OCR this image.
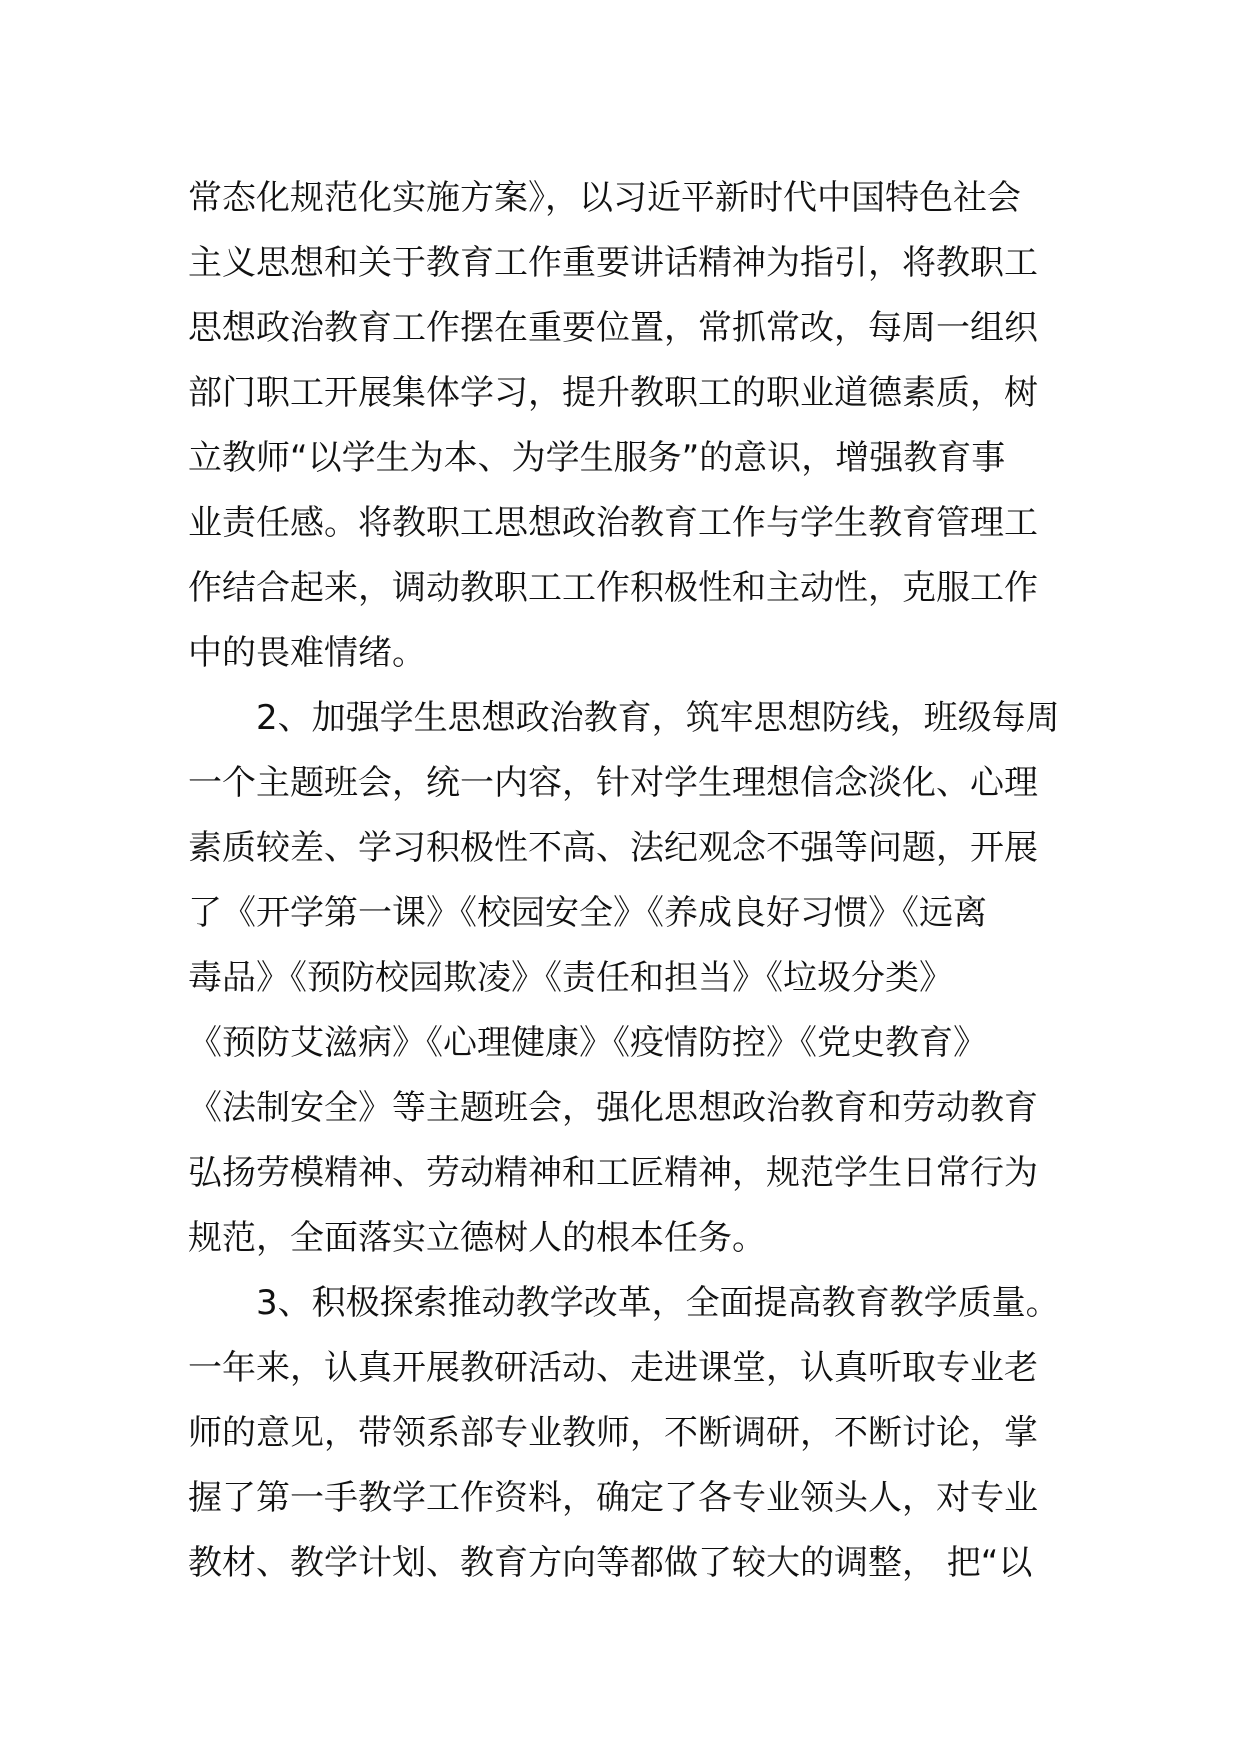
常态化规范化实施方案》，以习近平新时代中国特色社会
主义思想和关于教育工作重要讲话精神为指引，将教职工
思想政治教育工作摆在重要位置，常抓常改，每周一组织
部门职工开展集体学习，提升教职工的职业道德素质，树
立教师“以学生为本、为学生服务”的意识，增强教育事
业责任感。将教职工思想政治教育工作与学生教育管理工
作结合起来，调动教职工工作积极性和主动性，克服工作
中的畏难情绪。
2、加强学生思想政治教育，筑牢思想防线，班级每周
一个主题班会，统一内容，针对学生理想信念淡化、心理
素质较差、学习积极性不高、法纪观念不强等问题，开展
了《开学第一课》《校园安全》《养成良好习惯》《远离
毒品》《预防校园欺凌》《责任和担当》《垃圾分类》
《预防艾滋病》《心理健康》《疫情防控》《党史教育》
《法制安全》等主题班会，强化思想政治教育和劳动教育
弘扬劳模精神、劳动精神和工匠精神，规范学生日常行为
规范，全面落实立德树人的根本任务。
3、积极探索推动教学改革，全面提高教育教学质量。
一年来，认真开展教研活动、走进课堂，认真听取专业老
师的意见，带领系部专业教师，不断调研，不断讨论，掌
握了第一手教学工作资料，确定了各专业领头人，对专业
教材、教学计划、教育方向等都做了较大的调整， 把“以
